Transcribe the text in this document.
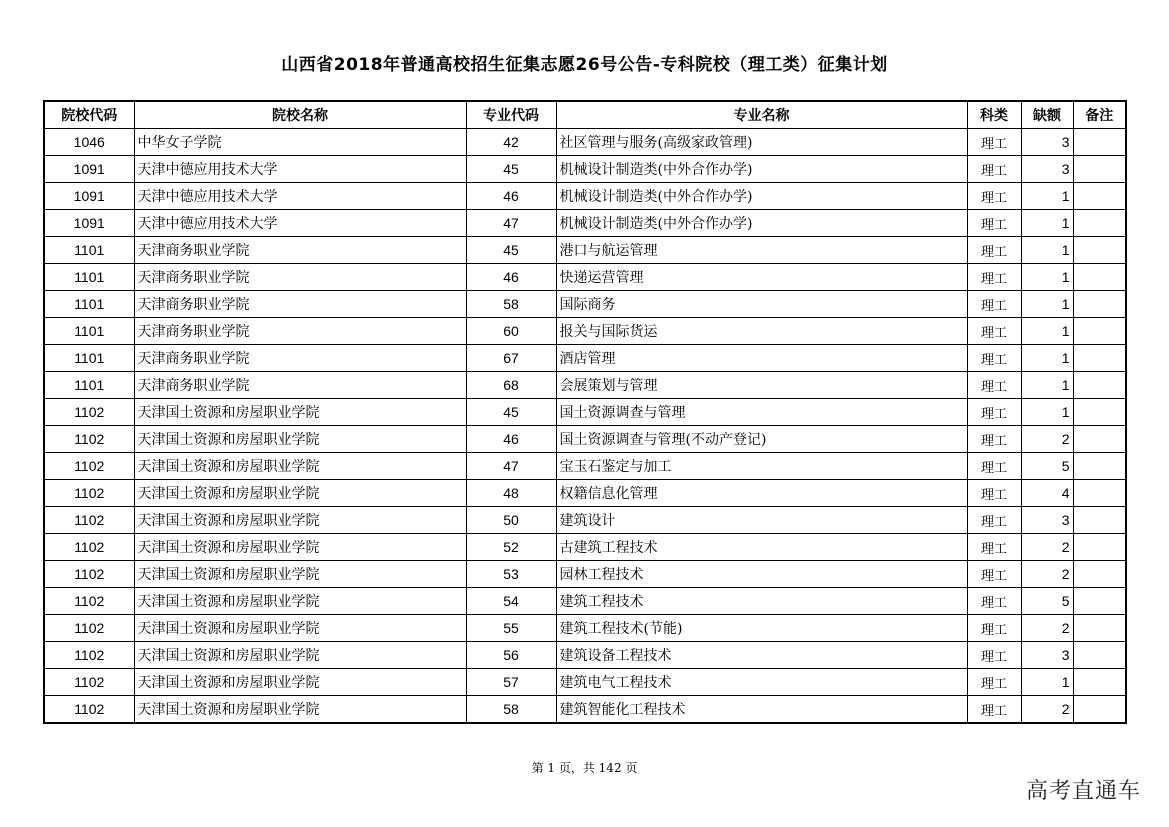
山西省2018年普通高校招生征集志愿26号公告-专科院校（理工类）征集计划
院校代码	院校名称	专业代码	专业名称	科类	缺额	备注
1046	中华女子学院	42	社区管理与服务(高级家政管理)	理工	3	
1091	天津中德应用技术大学	45	机械设计制造类(中外合作办学)	理工	3	
1091	天津中德应用技术大学	46	机械设计制造类(中外合作办学)	理工	1	
1091	天津中德应用技术大学	47	机械设计制造类(中外合作办学)	理工	1	
1101	天津商务职业学院	45	港口与航运管理	理工	1	
1101	天津商务职业学院	46	快递运营管理	理工	1	
1101	天津商务职业学院	58	国际商务	理工	1	
1101	天津商务职业学院	60	报关与国际货运	理工	1	
1101	天津商务职业学院	67	酒店管理	理工	1	
1101	天津商务职业学院	68	会展策划与管理	理工	1	
1102	天津国土资源和房屋职业学院	45	国土资源调查与管理	理工	1	
1102	天津国土资源和房屋职业学院	46	国土资源调查与管理(不动产登记)	理工	2	
1102	天津国土资源和房屋职业学院	47	宝玉石鉴定与加工	理工	5	
1102	天津国土资源和房屋职业学院	48	权籍信息化管理	理工	4	
1102	天津国土资源和房屋职业学院	50	建筑设计	理工	3	
1102	天津国土资源和房屋职业学院	52	古建筑工程技术	理工	2	
1102	天津国土资源和房屋职业学院	53	园林工程技术	理工	2	
1102	天津国土资源和房屋职业学院	54	建筑工程技术	理工	5	
1102	天津国土资源和房屋职业学院	55	建筑工程技术(节能)	理工	2	
1102	天津国土资源和房屋职业学院	56	建筑设备工程技术	理工	3	
1102	天津国土资源和房屋职业学院	57	建筑电气工程技术	理工	1	
1102	天津国土资源和房屋职业学院	58	建筑智能化工程技术	理工	2	
第 1 页，共 142 页
高考直通车
